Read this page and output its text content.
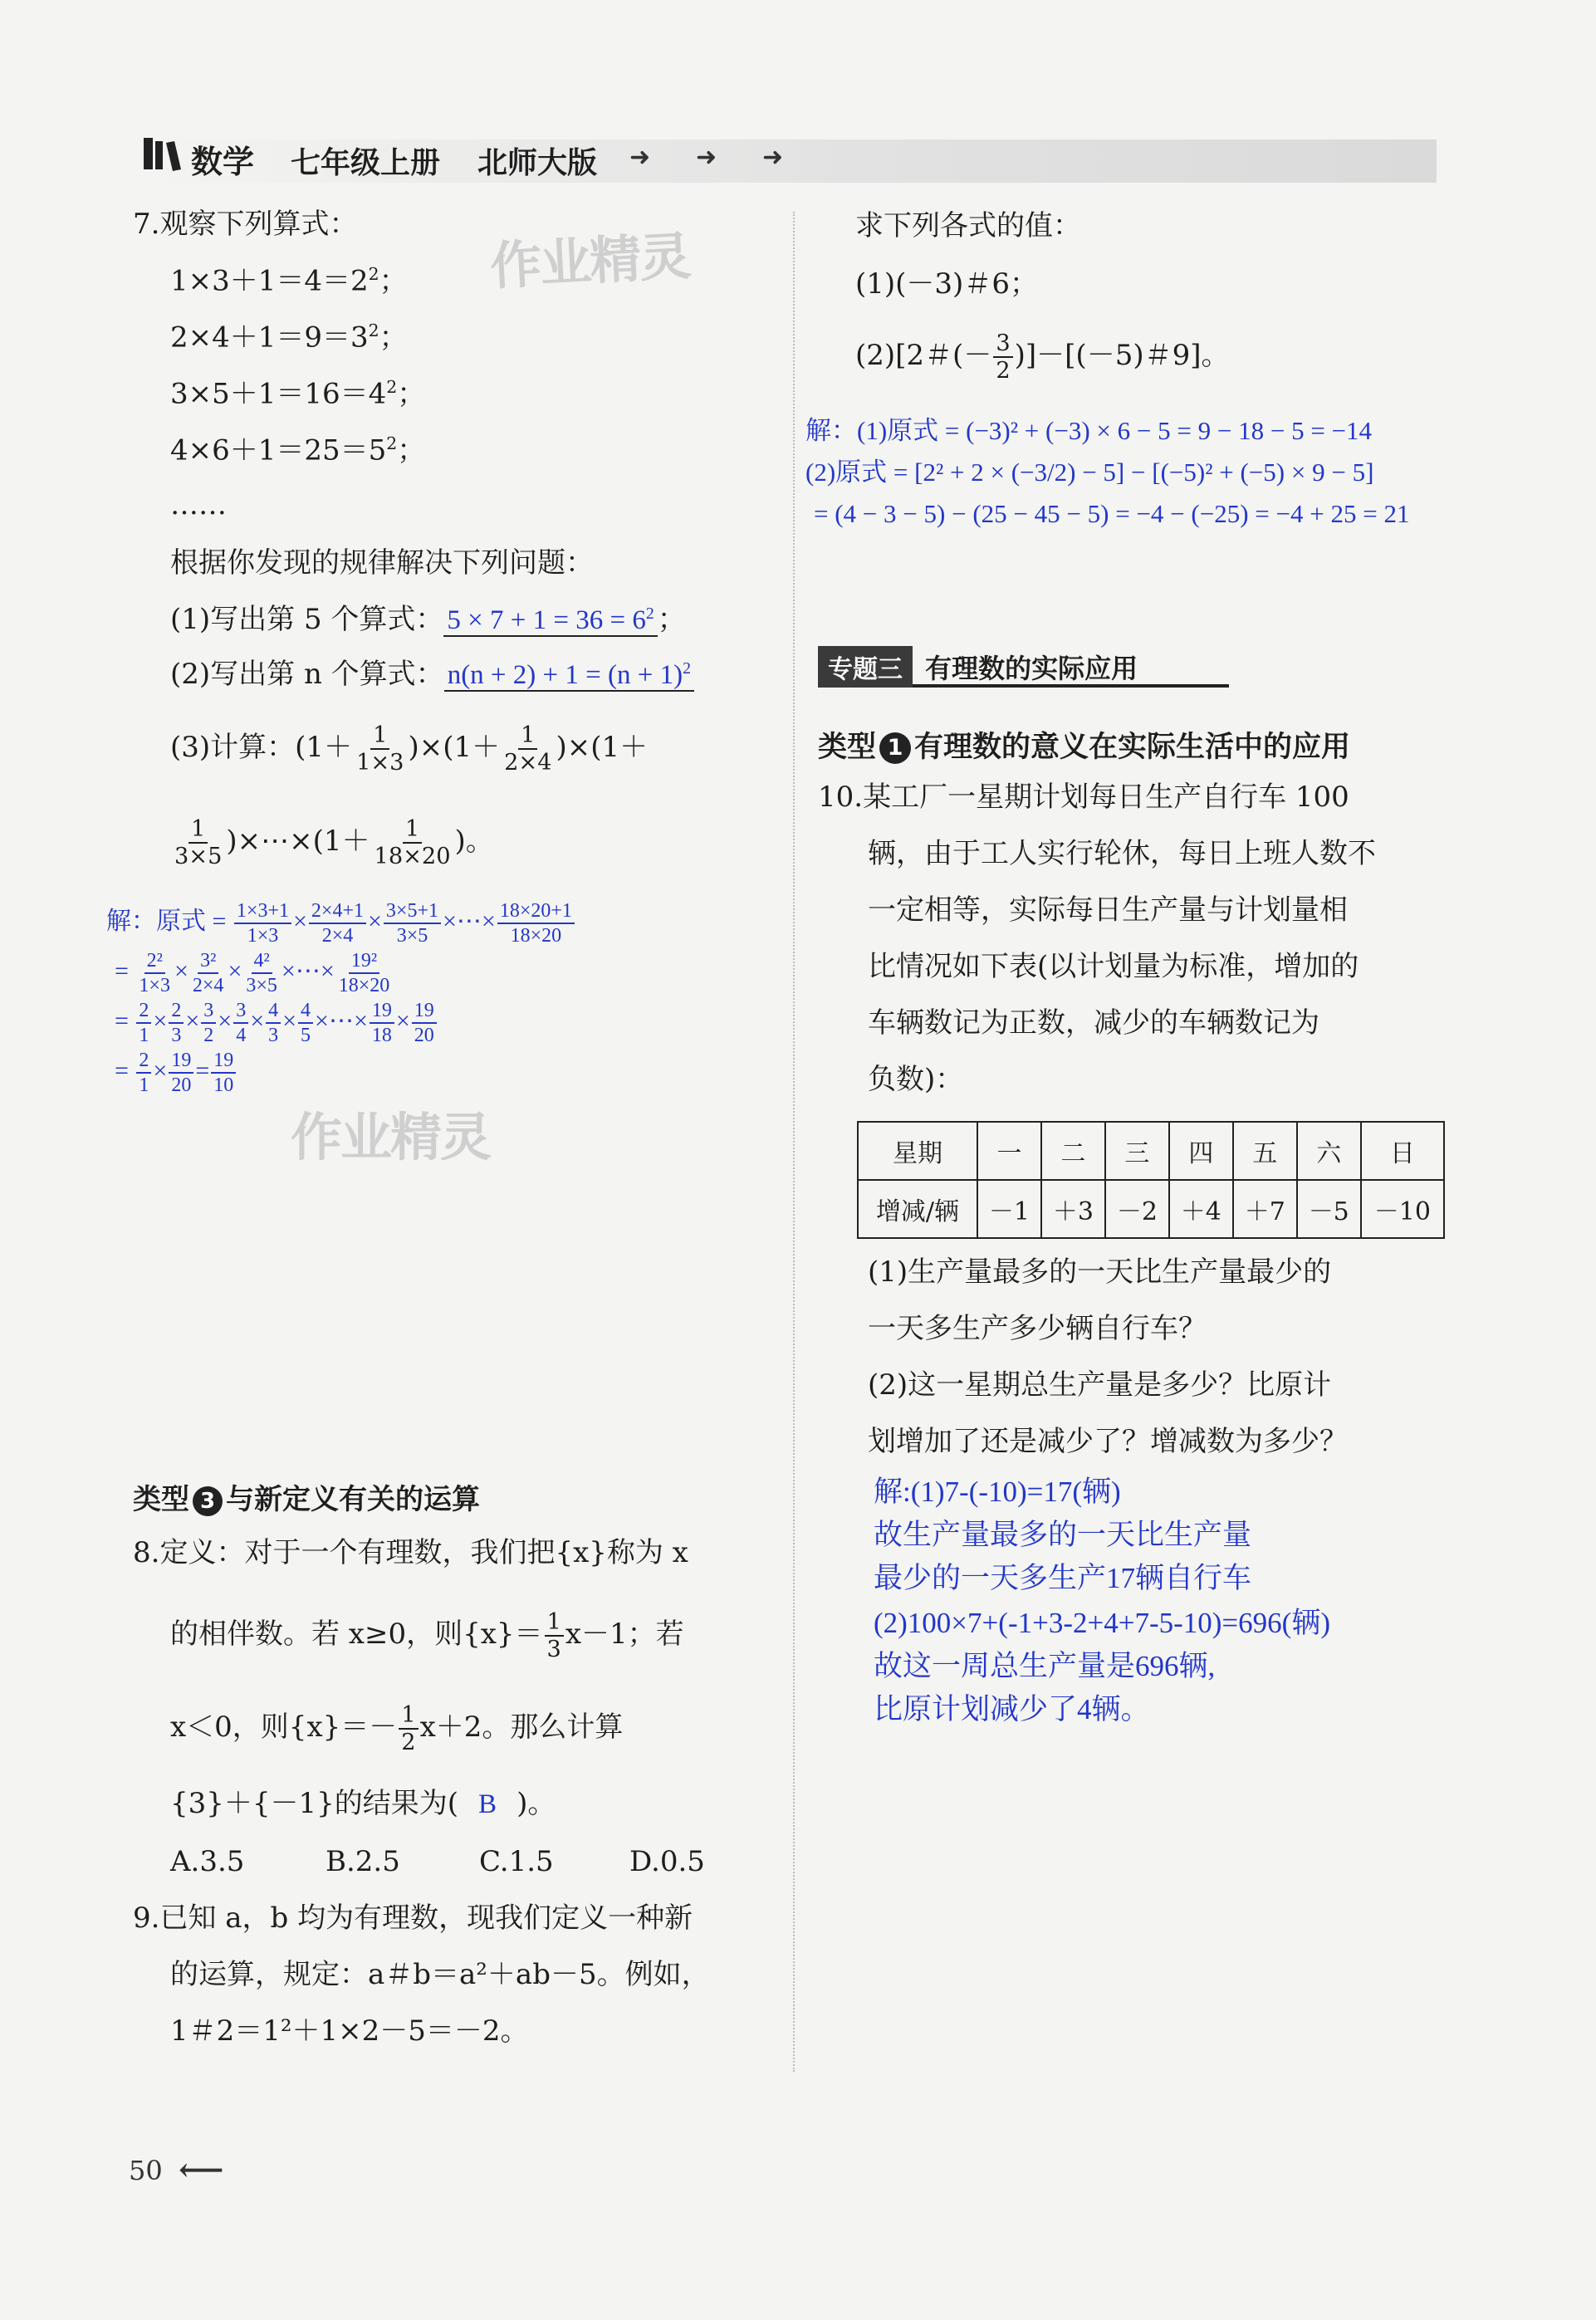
数学 七年级上册 北师大版 ➜ ➜ ➜
作业精灵
作业精灵
7.观察下列算式：
$1\times 3+1=4=2^2$；
$2\times 4+1=9=3^2$；
$3\times 5+1=16=4^2$；
$4\times 6+1=25=5^2$；
……
根据你发现的规律解决下列问题：
(1)写出第 5 个算式： $5 \times 7 + 1 = 36 = 6^2$ ；
(2)写出第 n 个算式： $n(n + 2) + 1 = (n + 1)^2$
(3)计算：$(1+ \frac{1}{1\times 3} )\times(1+ \frac{1}{2\times 4} )\times(1+$
$\frac{1}{3\times 5}$ )×⋯×(1＋ $\frac{1}{18\times 20}$ )。
解：原式 = $\frac{1\times 3+1}{1\times 3} \times \frac{2\times 4+1}{2\times 4} \times \frac{3\times 5+1}{3\times 5}$ ×⋯× $\frac{18\times 20+1}{18\times 20}$
= $\frac{\text{2²}}{1\times 3} \times \frac{\text{3²}}{2\times 4} \times \frac{\text{4²}}{3\times 5}$ ×⋯× $\frac{\text{19²}}{18\times 20}$
= $\frac{2}{1} \times \frac{2}{3} \times \frac{3}{2} \times \frac{3}{4} \times \frac{4}{3} \times \frac{4}{5}$ ×⋯× $\frac{19}{18} \times \frac{19}{20}$
= $\frac{2}{1} \times \frac{19}{20} = \frac{19}{10}$
类型 3 与新定义有关的运算
8.定义：对于一个有理数，我们把{x}称为 x
的相伴数。若 x≥0，则$\{x\}= \frac{1}{3} x-1$；若
x＜0，则$\{x\}=- \frac{1}{2} x+2$。那么计算
{3}＋{－1}的结果为( B )。
A.3.5	B.2.5	C.1.5	D.0.5
9.已知 a，b 均为有理数，现我们定义一种新
的运算，规定：a＃b＝a²＋ab－5。例如，
1＃2＝1²＋1×2－5＝－2。
求下列各式的值：
(1)(－3)＃6；
(2)[2＃(－ $\frac{3}{2} )]-[(-5)$＃9]。
解：(1)原式 = (−3)² + (−3) × 6 − 5 = 9 − 18 − 5 = −14
(2)原式 = [2² + 2 × (−3/2) − 5] − [(−5)² + (−5) × 9 − 5]
= (4 − 3 − 5) − (25 − 45 − 5) = −4 − (−25) = −4 + 25 = 21
专题三 有理数的实际应用
类型 1 有理数的意义在实际生活中的应用
10.某工厂一星期计划每日生产自行车 100
辆，由于工人实行轮休，每日上班人数不
一定相等，实际每日生产量与计划量相
比情况如下表(以计划量为标准，增加的
车辆数记为正数，减少的车辆数记为
负数)：
星期	一	二	三	四	五	六	日
增减/辆	－1	＋3	－2	＋4	＋7	－5	－10
(1)生产量最多的一天比生产量最少的
一天多生产多少辆自行车？
(2)这一星期总生产量是多少？比原计
划增加了还是减少了？增减数为多少？
解:(1)7-(-10)=17(辆)
故生产量最多的一天比生产量
最少的一天多生产17辆自行车
(2)100×7+(-1+3-2+4+7-5-10)=696(辆)
故这一周总生产量是696辆,
比原计划减少了4辆。
50 ⟵
